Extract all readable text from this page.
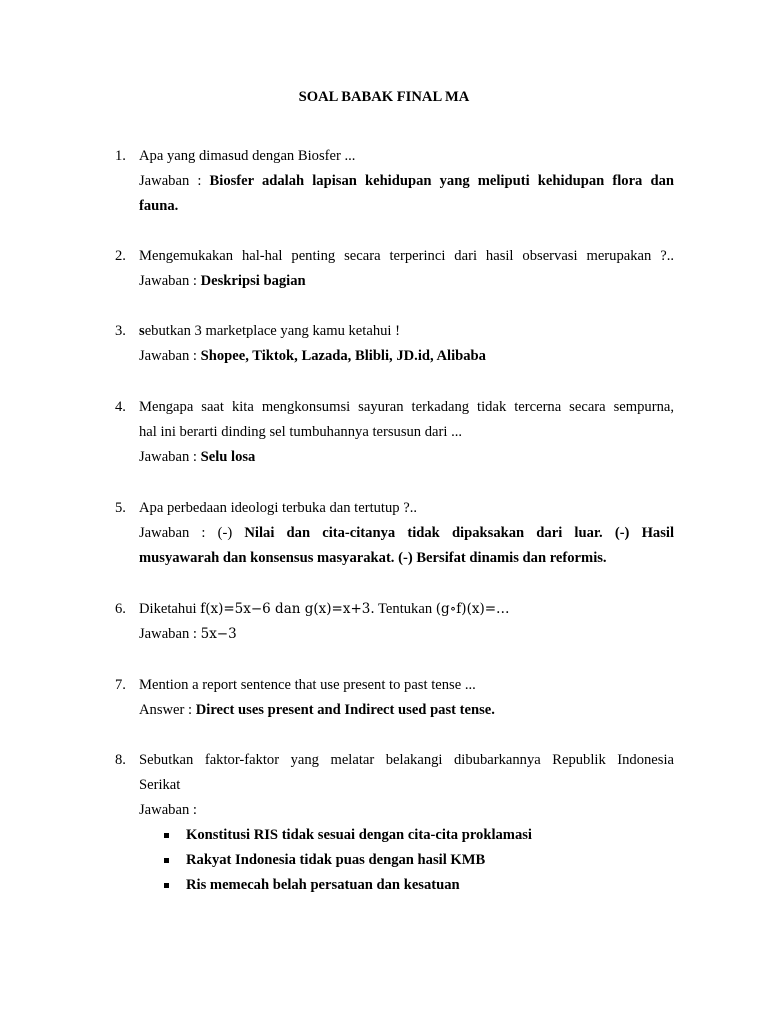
SOAL BABAK FINAL MA
1. Apa yang dimasud dengan Biosfer ...
Jawaban : Biosfer adalah lapisan kehidupan yang meliputi kehidupan flora dan
fauna.
2. Mengemukakan hal-hal penting secara terperinci dari hasil observasi merupakan ?..
Jawaban : Deskripsi bagian
3. sebutkan 3 marketplace yang kamu ketahui !
Jawaban : Shopee, Tiktok, Lazada, Blibli, JD.id, Alibaba
4. Mengapa saat kita mengkonsumsi sayuran terkadang tidak tercerna secara sempurna,
hal ini berarti dinding sel tumbuhannya tersusun dari ...
Jawaban : Selu losa
5. Apa perbedaan ideologi terbuka dan tertutup ?..
Jawaban : (-) Nilai dan cita-citanya tidak dipaksakan dari luar. (-) Hasil
musyawarah dan konsensus masyarakat. (-) Bersifat dinamis dan reformis.
6. Diketahui f(x)=5x−6 dan g(x)=x+3. Tentukan (g∘f)(x)=…
Jawaban : 5x−3
7. Mention a report sentence that use present to past tense ...
Answer : Direct uses present and Indirect used past tense.
8. Sebutkan faktor-faktor yang melatar belakangi dibubarkannya Republik Indonesia
Serikat
Jawaban :
Konstitusi RIS tidak sesuai dengan cita-cita proklamasi
Rakyat Indonesia tidak puas dengan hasil KMB
Ris memecah belah persatuan dan kesatuan
